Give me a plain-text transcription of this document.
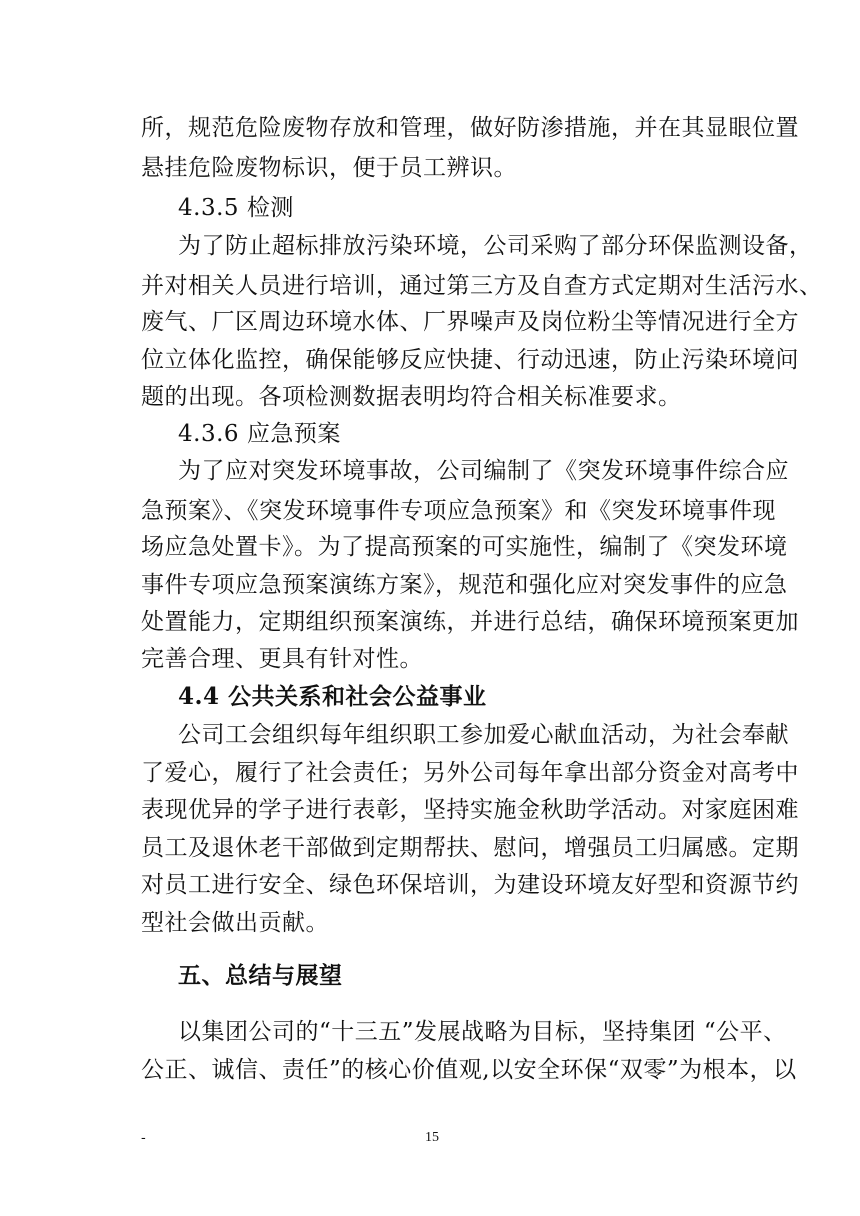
所，规范危险废物存放和管理，做好防渗措施，并在其显眼位置
悬挂危险废物标识，便于员工辨识。
4.3.5 检测
为了防止超标排放污染环境，公司采购了部分环保监测设备，
并对相关人员进行培训，通过第三方及自查方式定期对生活污水、
废气、厂区周边环境水体、厂界噪声及岗位粉尘等情况进行全方
位立体化监控，确保能够反应快捷、行动迅速，防止污染环境问
题的出现。各项检测数据表明均符合相关标准要求。
4.3.6 应急预案
为了应对突发环境事故，公司编制了《突发环境事件综合应
急预案》、《突发环境事件专项应急预案》和《突发环境事件现
场应急处置卡》。为了提高预案的可实施性，编制了《突发环境
事件专项应急预案演练方案》，规范和强化应对突发事件的应急
处置能力，定期组织预案演练，并进行总结，确保环境预案更加
完善合理、更具有针对性。
4.4 公共关系和社会公益事业
公司工会组织每年组织职工参加爱心献血活动，为社会奉献
了爱心，履行了社会责任；另外公司每年拿出部分资金对高考中
表现优异的学子进行表彰，坚持实施金秋助学活动。对家庭困难
员工及退休老干部做到定期帮扶、慰问，增强员工归属感。定期
对员工进行安全、绿色环保培训，为建设环境友好型和资源节约
型社会做出贡献。
五、总结与展望
以集团公司的“十三五”发展战略为目标，坚持集团 “公平、
公正、诚信、责任”的核心价值观,以安全环保“双零”为根本，以
-	15
